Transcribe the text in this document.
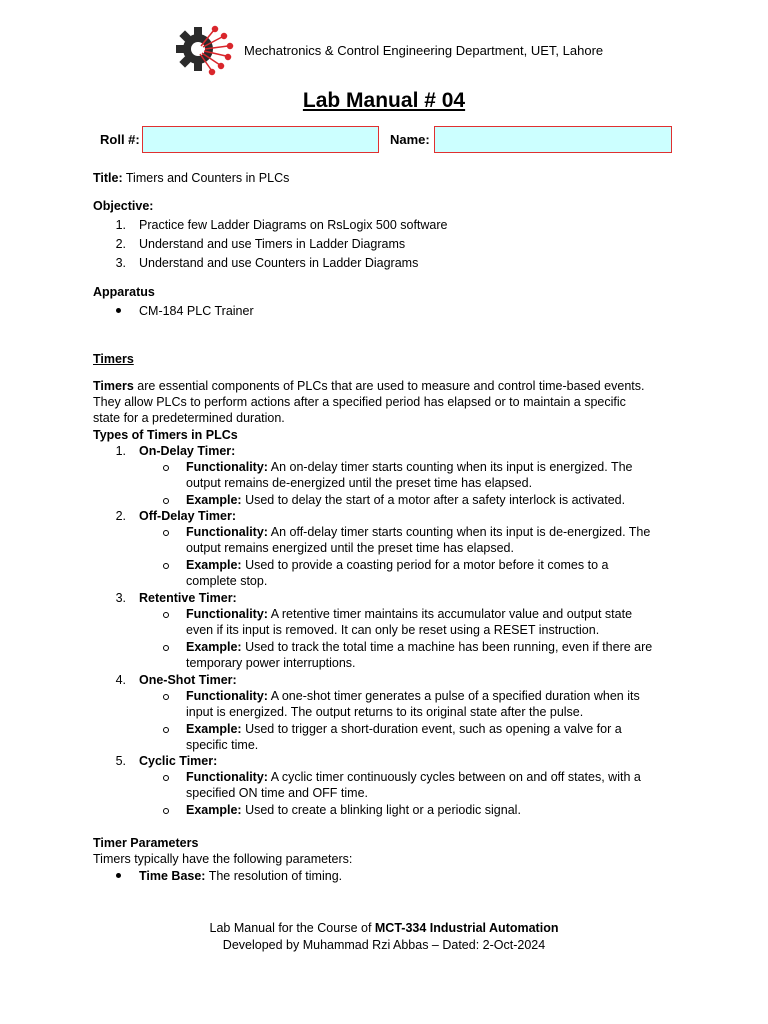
Mechatronics & Control Engineering Department, UET, Lahore
Lab Manual # 04
Roll #:	Name:
Title: Timers and Counters in PLCs
Objective:
1. Practice few Ladder Diagrams on RsLogix 500 software
2. Understand and use Timers in Ladder Diagrams
3. Understand and use Counters in Ladder Diagrams
Apparatus
CM-184 PLC Trainer
Timers
Timers are essential components of PLCs that are used to measure and control time-based events.
They allow PLCs to perform actions after a specified period has elapsed or to maintain a specific
state for a predetermined duration.
Types of Timers in PLCs
1. On-Delay Timer:
Functionality: An on-delay timer starts counting when its input is energized. The
output remains de-energized until the preset time has elapsed.
Example: Used to delay the start of a motor after a safety interlock is activated.
2. Off-Delay Timer:
Functionality: An off-delay timer starts counting when its input is de-energized. The
output remains energized until the preset time has elapsed.
Example: Used to provide a coasting period for a motor before it comes to a
complete stop.
3. Retentive Timer:
Functionality: A retentive timer maintains its accumulator value and output state
even if its input is removed. It can only be reset using a RESET instruction.
Example: Used to track the total time a machine has been running, even if there are
temporary power interruptions.
4. One-Shot Timer:
Functionality: A one-shot timer generates a pulse of a specified duration when its
input is energized. The output returns to its original state after the pulse.
Example: Used to trigger a short-duration event, such as opening a valve for a
specific time.
5. Cyclic Timer:
Functionality: A cyclic timer continuously cycles between on and off states, with a
specified ON time and OFF time.
Example: Used to create a blinking light or a periodic signal.
Timer Parameters
Timers typically have the following parameters:
Time Base: The resolution of timing.
Lab Manual for the Course of MCT-334 Industrial Automation
Developed by Muhammad Rzi Abbas – Dated: 2-Oct-2024
